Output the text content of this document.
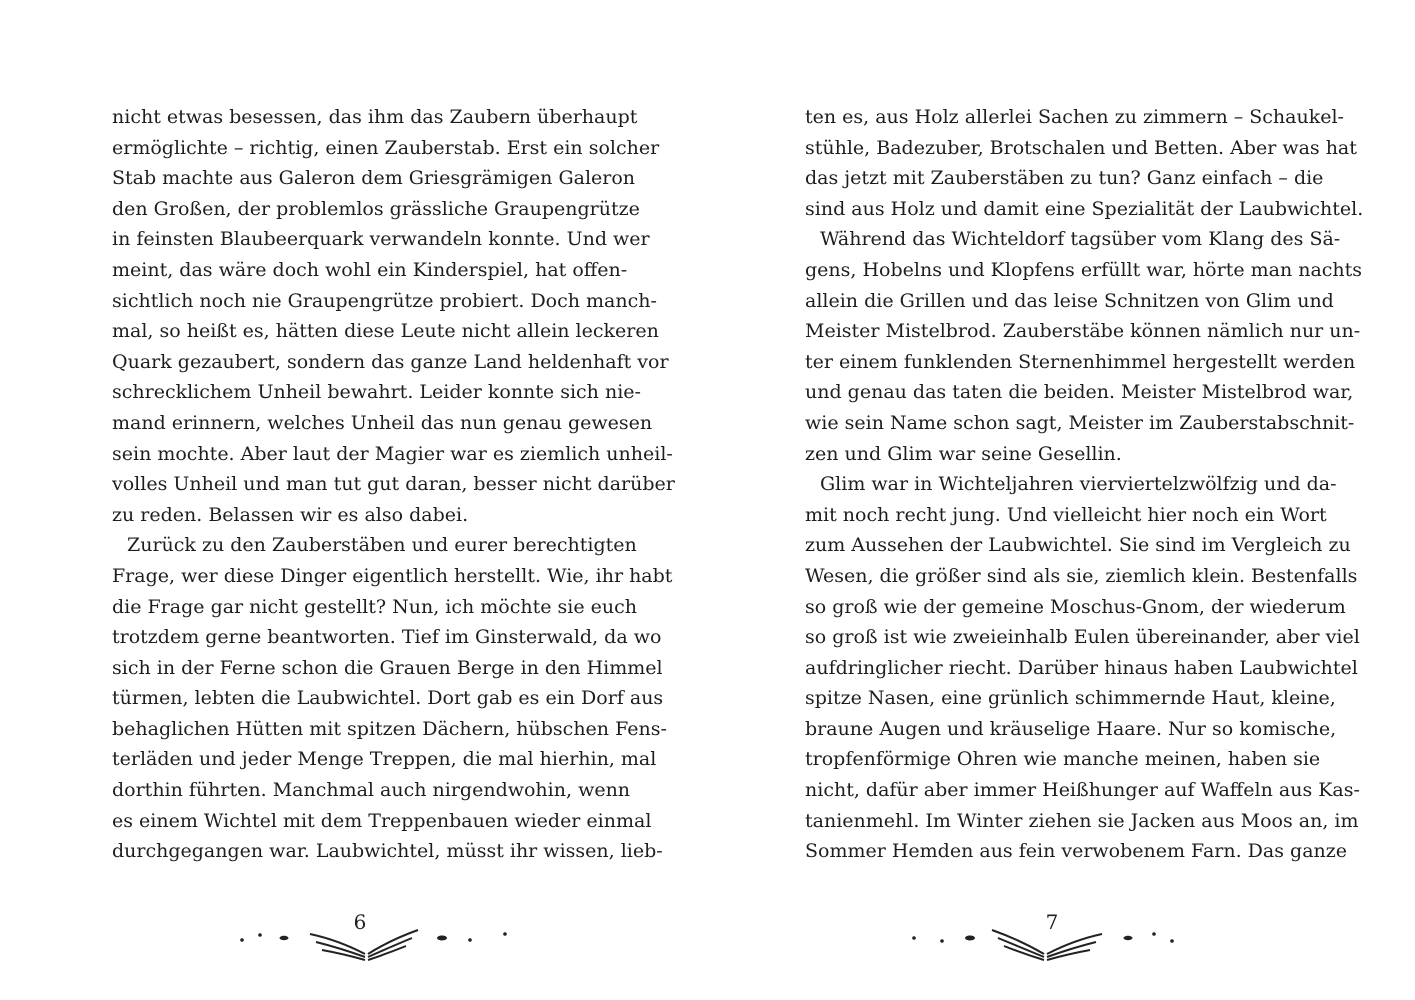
nicht etwas besessen, das ihm das Zaubern überhaupt
ermöglichte – richtig, einen Zauberstab. Erst ein solcher
Stab machte aus Galeron dem Griesgrämigen Galeron
den Großen, der problemlos grässliche Graupengrütze
in feinsten Blaubeerquark verwandeln konnte. Und wer
meint, das wäre doch wohl ein Kinderspiel, hat offen-
sichtlich noch nie Graupengrütze probiert. Doch manch-
mal, so heißt es, hätten diese Leute nicht allein leckeren
Quark gezaubert, sondern das ganze Land heldenhaft vor
schrecklichem Unheil bewahrt. Leider konnte sich nie-
mand erinnern, welches Unheil das nun genau gewesen
sein mochte. Aber laut der Magier war es ziemlich unheil-
volles Unheil und man tut gut daran, besser nicht darüber
zu reden. Belassen wir es also dabei.
Zurück zu den Zauberstäben und eurer berechtigten
Frage, wer diese Dinger eigentlich herstellt. Wie, ihr habt
die Frage gar nicht gestellt? Nun, ich möchte sie euch
trotzdem gerne beantworten. Tief im Ginsterwald, da wo
sich in der Ferne schon die Grauen Berge in den Himmel
türmen, lebten die Laubwichtel. Dort gab es ein Dorf aus
behaglichen Hütten mit spitzen Dächern, hübschen Fens-
terläden und jeder Menge Treppen, die mal hierhin, mal
dorthin führten. Manchmal auch nirgendwohin, wenn
es einem Wichtel mit dem Treppenbauen wieder einmal
durchgegangen war. Laubwichtel, müsst ihr wissen, lieb-
6
ten es, aus Holz allerlei Sachen zu zimmern – Schaukel-
stühle, Badezuber, Brotschalen und Betten. Aber was hat
das jetzt mit Zauberstäben zu tun? Ganz einfach – die
sind aus Holz und damit eine Spezialität der Laubwichtel.
Während das Wichteldorf tagsüber vom Klang des Sä-
gens, Hobelns und Klopfens erfüllt war, hörte man nachts
allein die Grillen und das leise Schnitzen von Glim und
Meister Mistelbrod. Zauberstäbe können nämlich nur un-
ter einem funklenden Sternenhimmel hergestellt werden
und genau das taten die beiden. Meister Mistelbrod war,
wie sein Name schon sagt, Meister im Zauberstabschnit-
zen und Glim war seine Gesellin.
Glim war in Wichteljahren vierviertelzwölfzig und da-
mit noch recht jung. Und vielleicht hier noch ein Wort
zum Aussehen der Laubwichtel. Sie sind im Vergleich zu
Wesen, die größer sind als sie, ziemlich klein. Bestenfalls
so groß wie der gemeine Moschus-Gnom, der wiederum
so groß ist wie zweieinhalb Eulen übereinander, aber viel
aufdringlicher riecht. Darüber hinaus haben Laubwichtel
spitze Nasen, eine grünlich schimmernde Haut, kleine,
braune Augen und kräuselige Haare. Nur so komische,
tropfenförmige Ohren wie manche meinen, haben sie
nicht, dafür aber immer Heißhunger auf Waffeln aus Kas-
tanienmehl. Im Winter ziehen sie Jacken aus Moos an, im
Sommer Hemden aus fein verwobenem Farn. Das ganze
7
